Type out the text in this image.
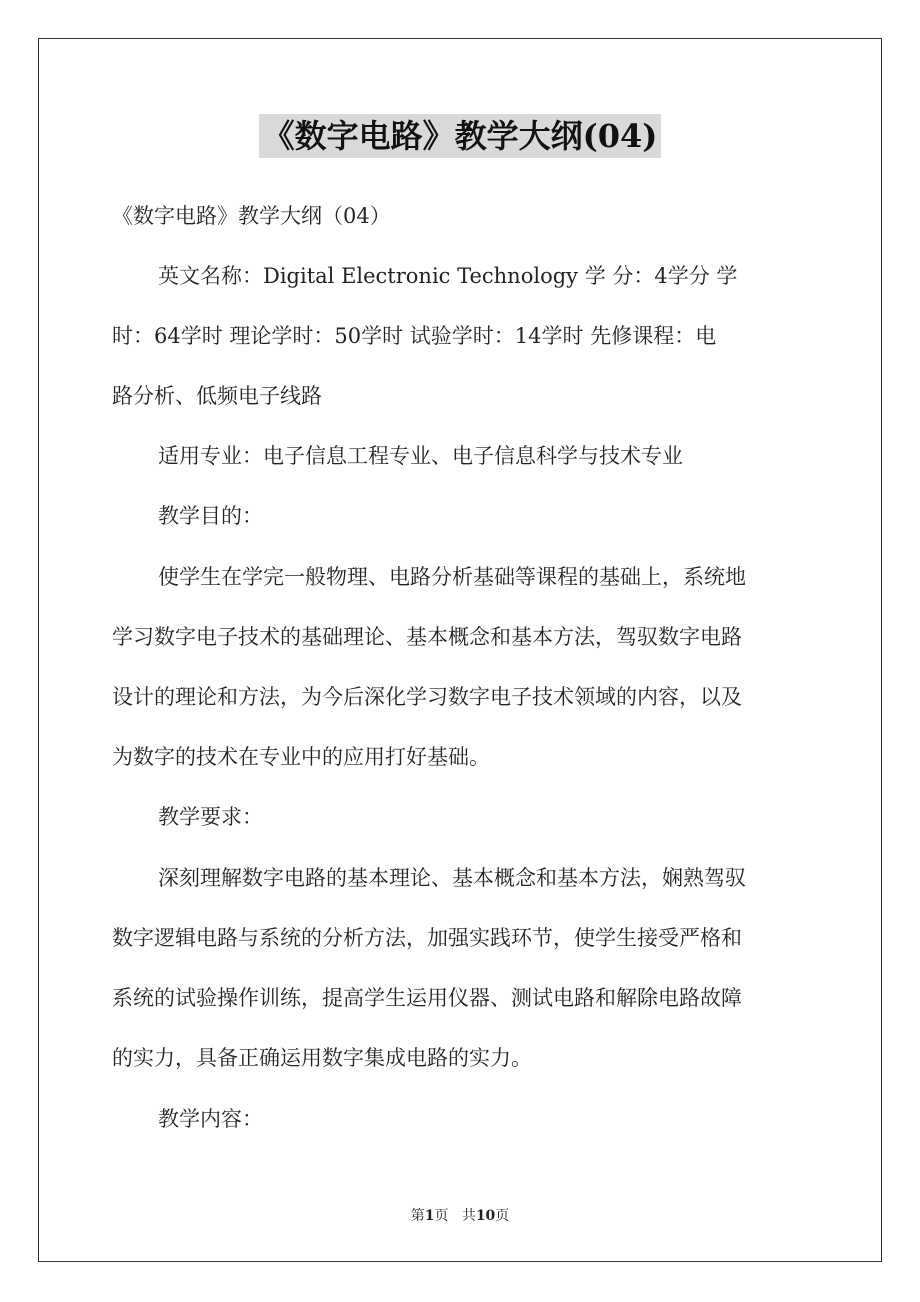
《数字电路》教学大纲(04)
《数字电路》教学大纲（04）
英文名称：Digital Electronic Technology 学 分：4学分 学
时：64学时 理论学时：50学时 试验学时：14学时 先修课程：电
路分析、低频电子线路
适用专业：电子信息工程专业、电子信息科学与技术专业
教学目的：
使学生在学完一般物理、电路分析基础等课程的基础上，系统地
学习数字电子技术的基础理论、基本概念和基本方法，驾驭数字电路
设计的理论和方法，为今后深化学习数字电子技术领域的内容，以及
为数字的技术在专业中的应用打好基础。
教学要求：
深刻理解数字电路的基本理论、基本概念和基本方法，娴熟驾驭
数字逻辑电路与系统的分析方法，加强实践环节，使学生接受严格和
系统的试验操作训练，提高学生运用仪器、测试电路和解除电路故障
的实力，具备正确运用数字集成电路的实力。
教学内容：
第1页 共10页
